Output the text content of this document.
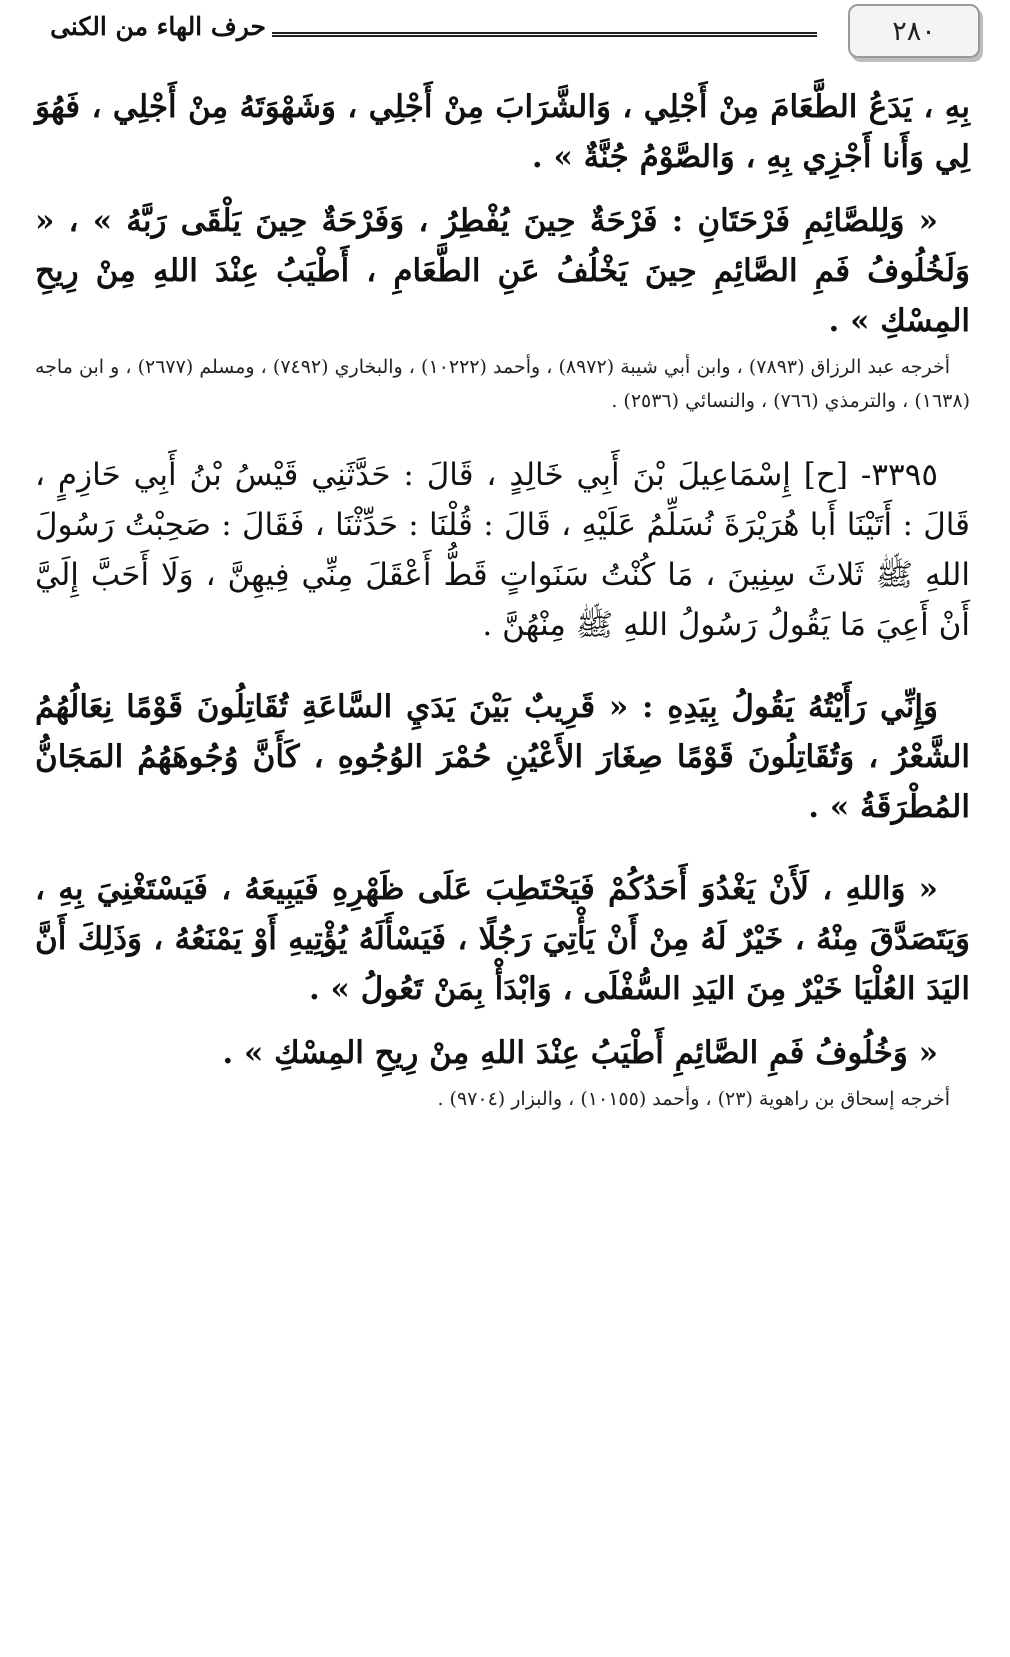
٢٨٠
حرف الهاء من الكنى

بِهِ ، يَدَعُ الطَّعَامَ مِنْ أَجْلِي ، وَالشَّرَابَ مِنْ أَجْلِي ، وَشَهْوَتَهُ مِنْ أَجْلِي ، فَهُوَ لِي وَأَنا أَجْزِي بِهِ ، وَالصَّوْمُ جُنَّةٌ » .

« وَلِلصَّائِمِ فَرْحَتَانِ : فَرْحَةٌ حِينَ يُفْطِرُ ، وَفَرْحَةٌ حِينَ يَلْقَى رَبَّهُ » ، « وَلَخُلُوفُ فَمِ الصَّائِمِ حِينَ يَخْلُفُ عَنِ الطَّعَامِ ، أَطْيَبُ عِنْدَ اللهِ مِنْ رِيحِ المِسْكِ » .

أخرجه عبد الرزاق (٧٨٩٣) ، وابن أبي شيبة (٨٩٧٢) ، وأحمد (١٠٢٢٢) ، والبخاري (٧٤٩٢) ، ومسلم (٢٦٧٧) ، و ابن ماجه (١٦٣٨) ، والترمذي (٧٦٦) ، والنسائي (٢٥٣٦) .

٣٣٩٥- [ح] إِسْمَاعِيلَ بْنَ أَبِي خَالِدٍ ، قَالَ : حَدَّثَنِي قَيْسُ بْنُ أَبِي حَازِمٍ ، قَالَ : أَتَيْنَا أَبا هُرَيْرَةَ نُسَلِّمُ عَلَيْهِ ، قَالَ : قُلْنَا : حَدِّثْنَا ، فَقَالَ : صَحِبْتُ رَسُولَ اللهِ ﷺ ثَلاثَ سِنِينَ ، مَا كُنْتُ سَنَواتٍ قَطُّ أَعْقَلَ مِنِّي فِيهِنَّ ، وَلَا أَحَبَّ إِلَيَّ أَنْ أَعِيَ مَا يَقُولُ رَسُولُ اللهِ ﷺ مِنْهُنَّ .

وَإِنِّي رَأَيْتُهُ يَقُولُ بِيَدِهِ : « قَرِيبٌ بَيْنَ يَدَيِ السَّاعَةِ تُقَاتِلُونَ قَوْمًا نِعَالُهُمُ الشَّعْرُ ، وَتُقَاتِلُونَ قَوْمًا صِغَارَ الأَعْيُنِ حُمْرَ الوُجُوهِ ، كَأَنَّ وُجُوهَهُمُ المَجَانُّ المُطْرَقَةُ » .

« وَاللهِ ، لَأَنْ يَغْدُوَ أَحَدُكُمْ فَيَحْتَطِبَ عَلَى ظَهْرِهِ فَيَبِيعَهُ ، فَيَسْتَغْنِيَ بِهِ ، وَيَتَصَدَّقَ مِنْهُ ، خَيْرٌ لَهُ مِنْ أَنْ يَأْتِيَ رَجُلًا ، فَيَسْأَلَهُ يُؤْتِيهِ أَوْ يَمْنَعُهُ ، وَذَلِكَ أَنَّ اليَدَ العُلْيَا خَيْرٌ مِنَ اليَدِ السُّفْلَى ، وَابْدَأْ بِمَنْ تَعُولُ » .

« وَخُلُوفُ فَمِ الصَّائِمِ أَطْيَبُ عِنْدَ اللهِ مِنْ رِيحِ المِسْكِ » .

أخرجه إسحاق بن راهوية (٢٣) ، وأحمد (١٠١٥٥) ، والبزار (٩٧٠٤) .
